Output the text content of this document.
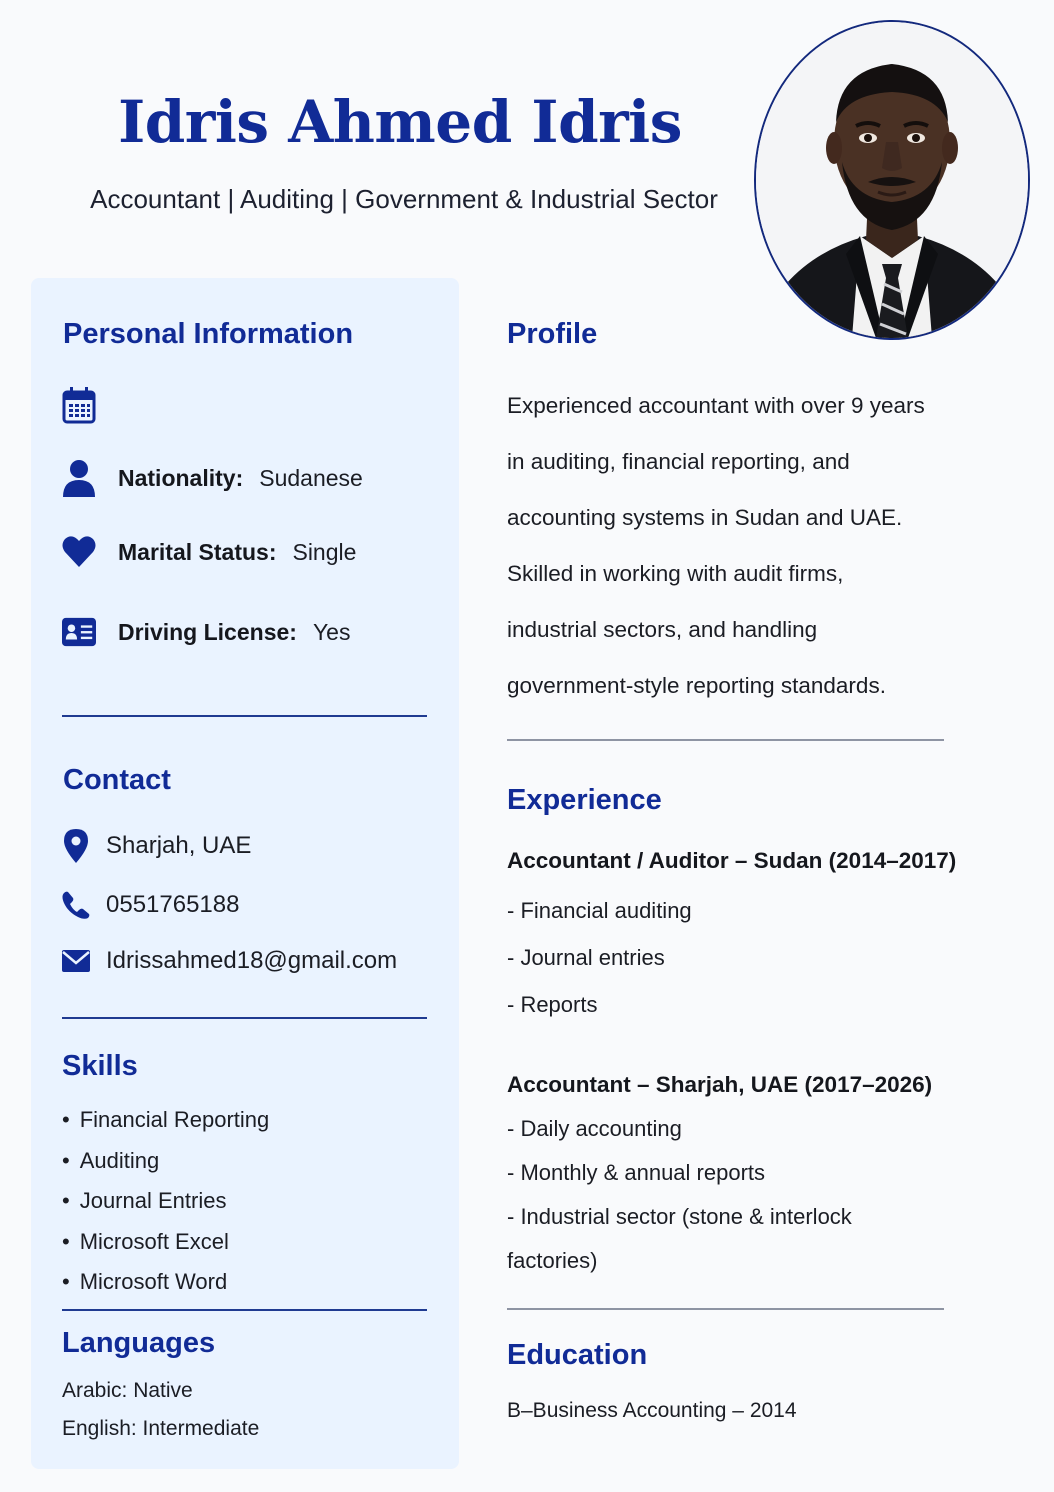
Idris Ahmed Idris
Accountant | Auditing | Government & Industrial Sector
Personal Information
Nationality: Sudanese
Marital Status: Single
Driving License: Yes
Contact
Sharjah, UAE
0551765188
Idrissahmed18@gmail.com
Skills
• Financial Reporting
• Auditing
• Journal Entries
• Microsoft Excel
• Microsoft Word
Languages
Arabic: Native
English: Intermediate
Profile
Experienced accountant with over 9 years
in auditing, financial reporting, and
accounting systems in Sudan and UAE.
Skilled in working with audit firms,
industrial sectors, and handling
government-style reporting standards.
Experience
Accountant / Auditor – Sudan (2014–2017)
- Financial auditing
- Journal entries
- Reports
Accountant – Sharjah, UAE (2017–2026)
- Daily accounting
- Monthly & annual reports
- Industrial sector (stone & interlock
factories)
Education
B–Business Accounting – 2014
